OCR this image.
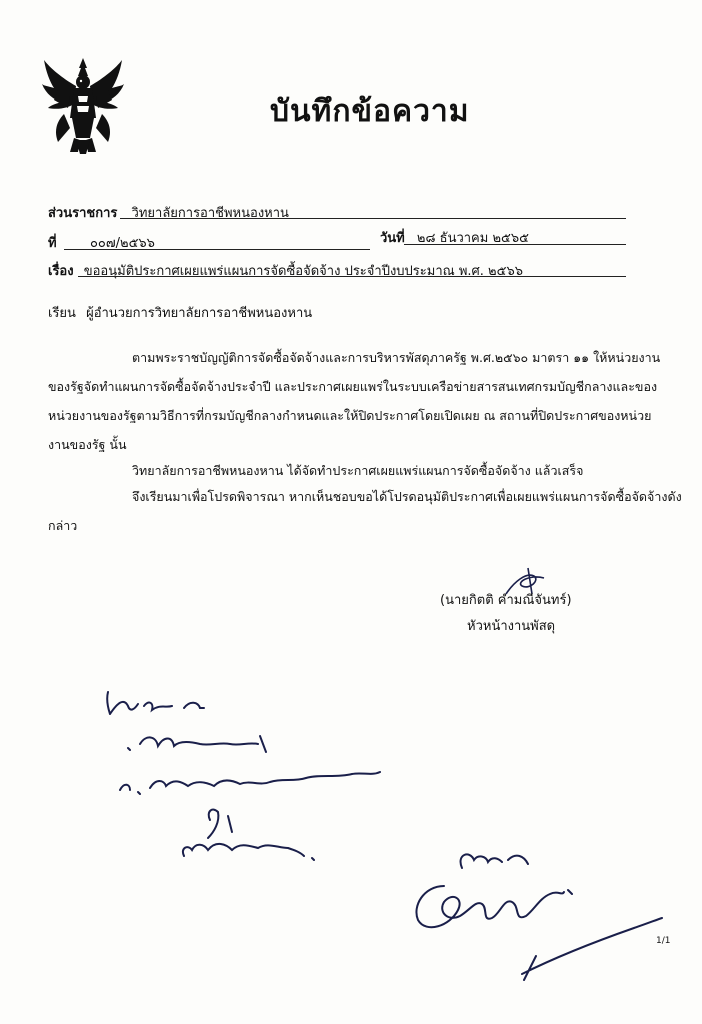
บันทึกข้อความ
ส่วนราชการ วิทยาลัยการอาชีพหนองหาน
ที่	๐๐๗/๒๕๖๖	วันที่ ๒๘ ธันวาคม ๒๕๖๕
เรื่อง ขออนุมัติประกาศเผยแพร่แผนการจัดซื้อจัดจ้าง ประจำปีงบประมาณ พ.ศ. ๒๕๖๖
เรียน ผู้อำนวยการวิทยาลัยการอาชีพหนองหาน
ตามพระราชบัญญัติการจัดซื้อจัดจ้างและการบริหารพัสดุภาครัฐ พ.ศ.๒๕๖๐ มาตรา ๑๑ ให้หน่วยงาน
ของรัฐจัดทำแผนการจัดซื้อจัดจ้างประจำปี และประกาศเผยแพร่ในระบบเครือข่ายสารสนเทศกรมบัญชีกลางและของ
หน่วยงานของรัฐตามวิธีการที่กรมบัญชีกลางกำหนดและให้ปิดประกาศโดยเปิดเผย ณ สถานที่ปิดประกาศของหน่วย
งานของรัฐ นั้น
วิทยาลัยการอาชีพหนองหาน ได้จัดทำประกาศเผยแพร่แผนการจัดซื้อจัดจ้าง แล้วเสร็จ
จึงเรียนมาเพื่อโปรดพิจารณา หากเห็นชอบขอได้โปรดอนุมัติประกาศเพื่อเผยแพร่แผนการจัดซื้อจัดจ้างดัง
กล่าว
(นายกิตติ คำมณีจันทร์)
หัวหน้างานพัสดุ
1/1
